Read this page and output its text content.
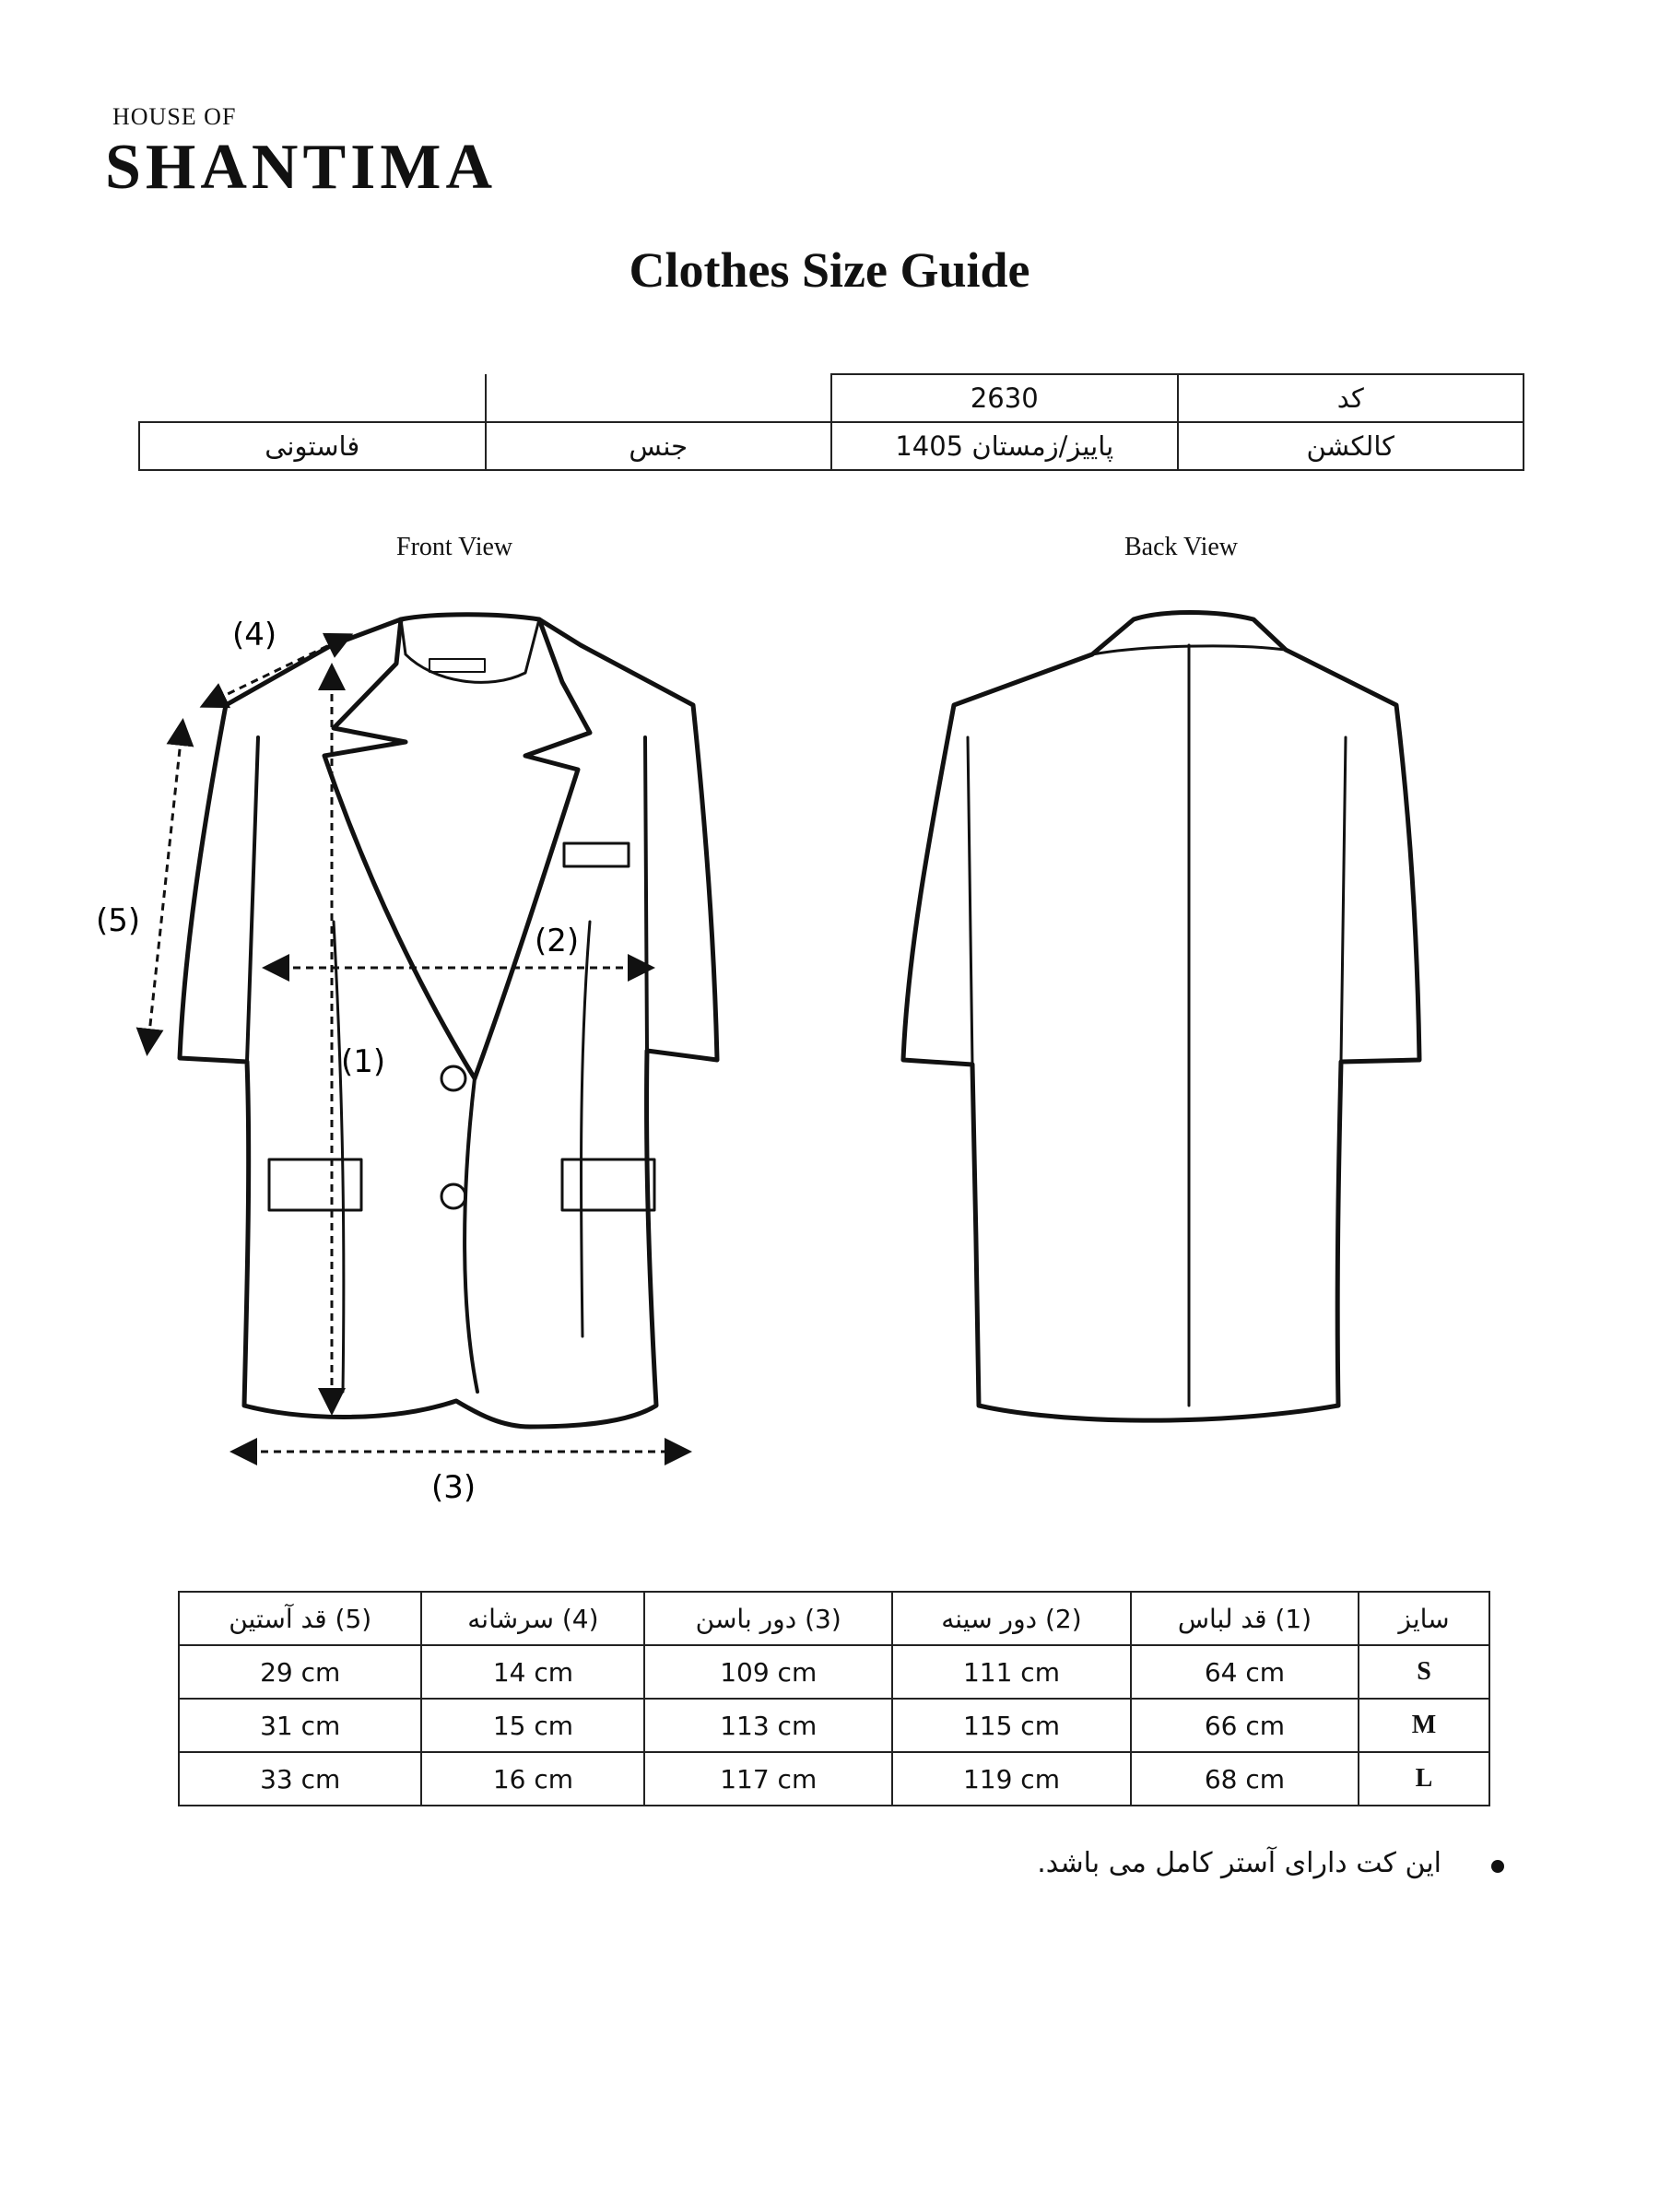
HOUSE OF
SHANTIMA
Clothes Size Guide
		2630	کد
فاستونی	جنس	پاییز/زمستان 1405	کالکشن
Front View	Back View
(1)
(2)
(3)
(4)
(5)
(5) قد آستین	(4) سرشانه	(3) دور باسن	(2) دور سینه	(1) قد لباس	سایز
29 cm	14 cm	109 cm	111 cm	64 cm	S
31 cm	15 cm	113 cm	115 cm	66 cm	M
33 cm	16 cm	117 cm	119 cm	68 cm	L
این کت دارای آستر کامل می باشد.
